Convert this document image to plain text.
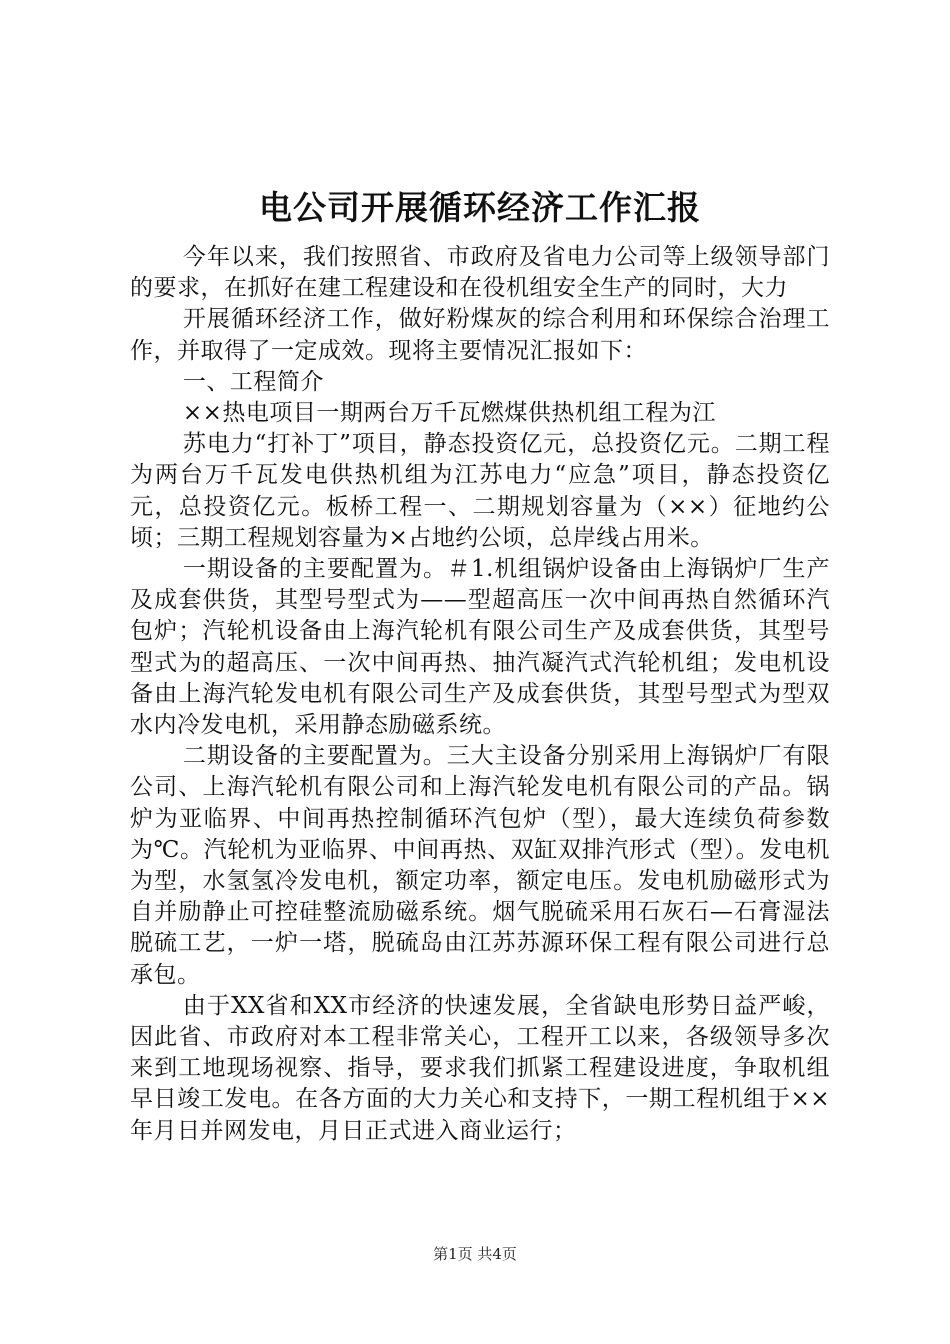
电公司开展循环经济工作汇报

今年以来，我们按照省、市政府及省电力公司等上级领导部门的要求，在抓好在建工程建设和在役机组安全生产的同时，大力

开展循环经济工作，做好粉煤灰的综合利用和环保综合治理工作，并取得了一定成效。现将主要情况汇报如下：

一、工程简介

××热电项目一期两台万千瓦燃煤供热机组工程为江

苏电力“打补丁”项目，静态投资亿元，总投资亿元。二期工程为两台万千瓦发电供热机组为江苏电力“应急”项目，静态投资亿元，总投资亿元。板桥工程一、二期规划容量为（××）征地约公顷；三期工程规划容量为×占地约公顷，总岸线占用米。

一期设备的主要配置为。＃1.机组锅炉设备由上海锅炉厂生产及成套供货，其型号型式为——型超高压一次中间再热自然循环汽包炉；汽轮机设备由上海汽轮机有限公司生产及成套供货，其型号型式为的超高压、一次中间再热、抽汽凝汽式汽轮机组；发电机设备由上海汽轮发电机有限公司生产及成套供货，其型号型式为型双水内冷发电机，采用静态励磁系统。

二期设备的主要配置为。三大主设备分别采用上海锅炉厂有限公司、上海汽轮机有限公司和上海汽轮发电机有限公司的产品。锅炉为亚临界、中间再热控制循环汽包炉（型），最大连续负荷参数为℃。汽轮机为亚临界、中间再热、双缸双排汽形式（型）。发电机为型，水氢氢冷发电机，额定功率，额定电压。发电机励磁形式为自并励静止可控硅整流励磁系统。烟气脱硫采用石灰石—石膏湿法脱硫工艺，一炉一塔，脱硫岛由江苏苏源环保工程有限公司进行总承包。

由于XX省和XX市经济的快速发展，全省缺电形势日益严峻，因此省、市政府对本工程非常关心，工程开工以来，各级领导多次来到工地现场视察、指导，要求我们抓紧工程建设进度，争取机组早日竣工发电。在各方面的大力关心和支持下，一期工程机组于××年月日并网发电，月日正式进入商业运行；

第1页 共4页
